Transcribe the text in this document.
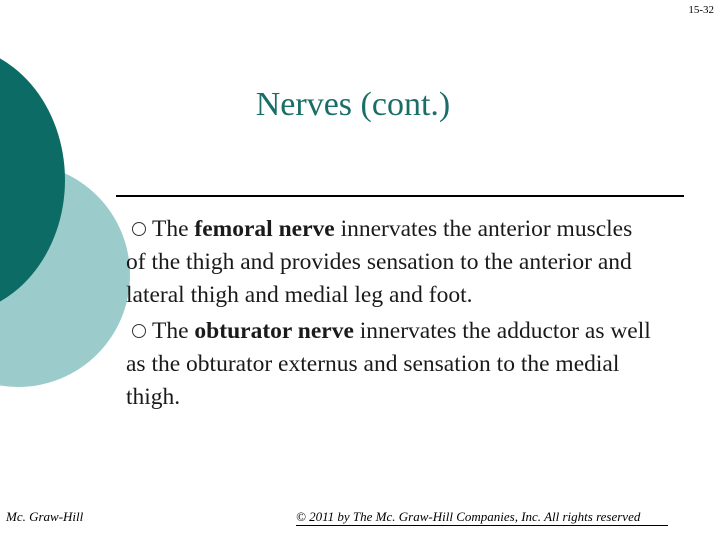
15-32
Nerves (cont.)

The femoral nerve innervates the anterior muscles of the thigh and provides sensation to the anterior and lateral thigh and medial leg and foot.

The obturator nerve innervates the adductor as well as the obturator externus and sensation to the medial thigh.

Mc. Graw-Hill	© 2011 by The Mc. Graw-Hill Companies, Inc. All rights reserved
